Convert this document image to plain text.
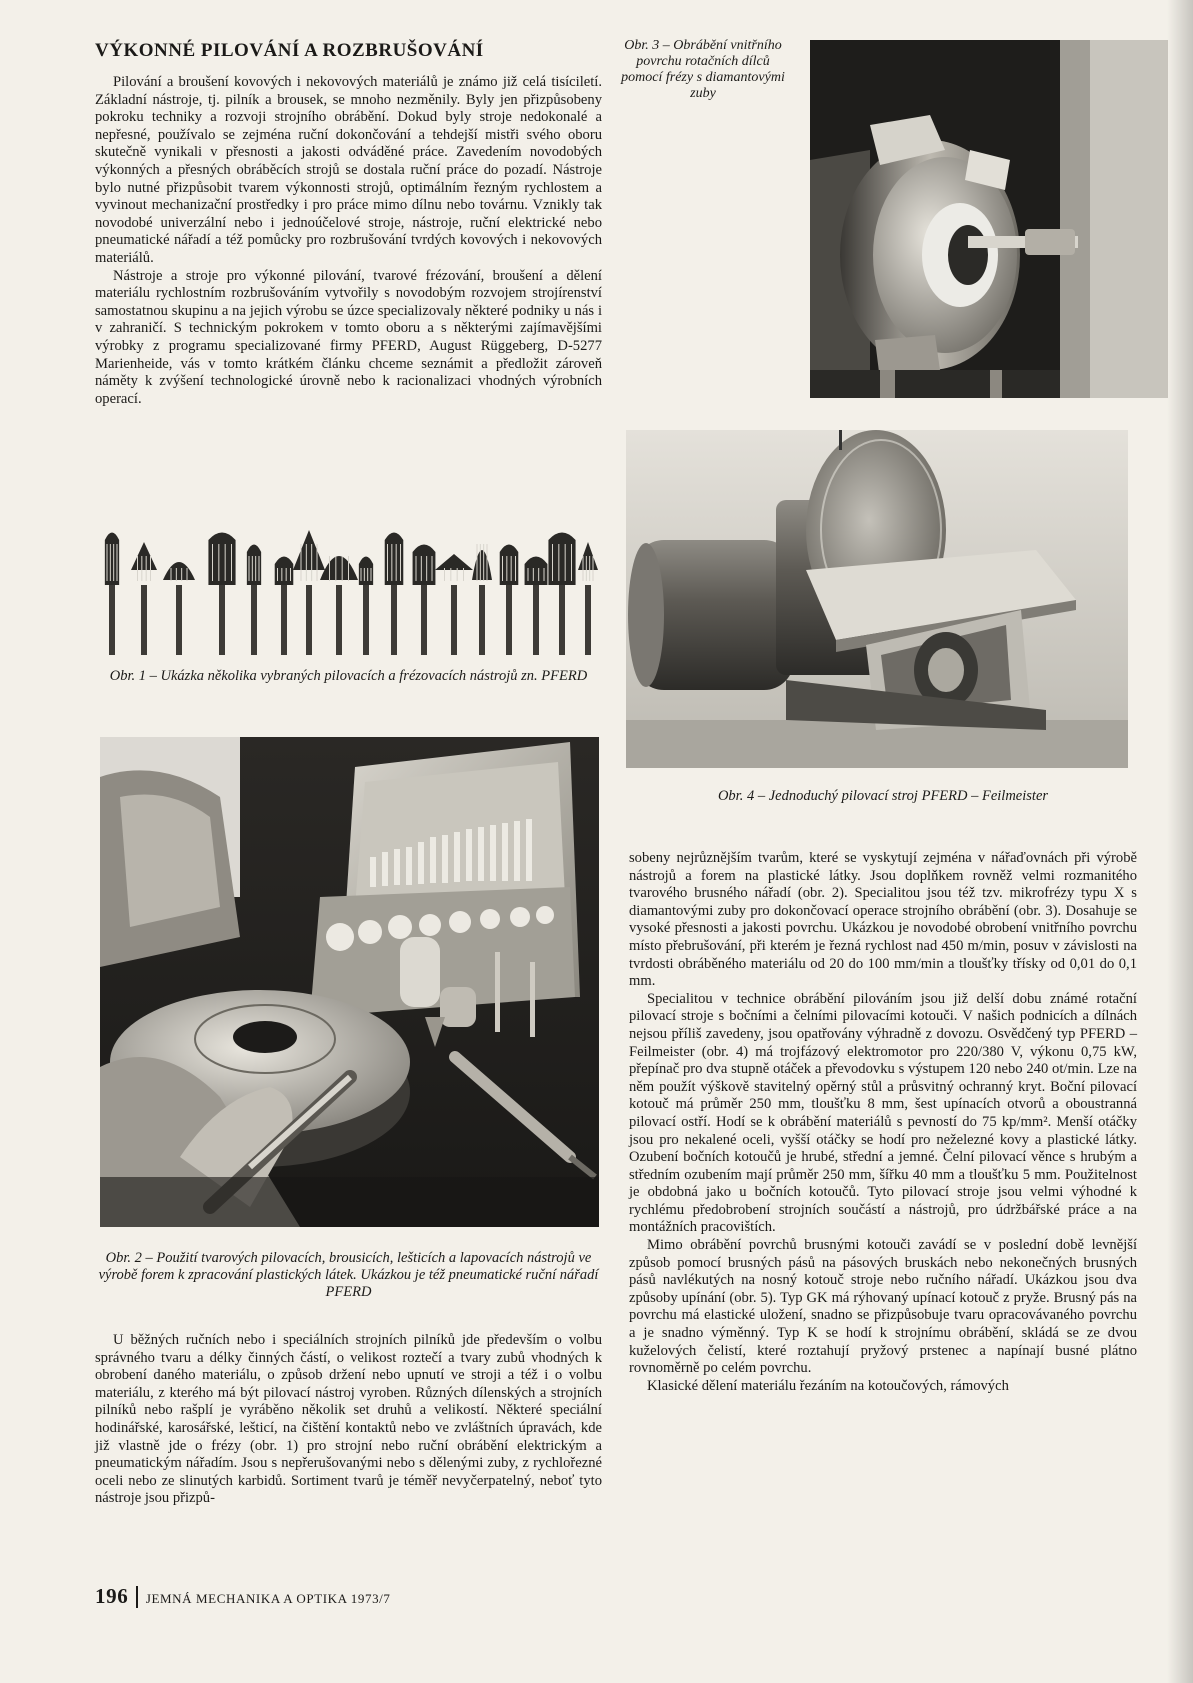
VÝKONNÉ PILOVÁNÍ A ROZBRUŠOVÁNÍ

Pilování a broušení kovových i nekovových materiálů je známo již celá tisíciletí. Základní nástroje, tj. pilník a brousek, se mnoho nezměnily. Byly jen přizpůsobeny pokroku techniky a rozvoji strojního obrábění. Dokud byly stroje nedokonalé a nepřesné, používalo se zejména ruční dokončování a tehdejší mistři svého oboru skutečně vynikali v přesnosti a jakosti odváděné práce. Zavedením novodobých výkonných a přesných obráběcích strojů se dostala ruční práce do pozadí. Nástroje bylo nutné přizpůsobit tvarem výkonnosti strojů, optimálním řezným rychlostem a vyvinout mechanizační prostředky i pro práce mimo dílnu nebo továrnu. Vznikly tak novodobé univerzální nebo i jednoúčelové stroje, nástroje, ruční elektrické nebo pneumatické nářadí a též pomůcky pro rozbrušování tvrdých kovových i nekovových materiálů.

Nástroje a stroje pro výkonné pilování, tvarové frézování, broušení a dělení materiálu rychlostním rozbrušováním vytvořily s novodobým rozvojem strojírenství samostatnou skupinu a na jejich výrobu se úzce specializovaly některé podniky u nás i v zahraničí. S technickým pokrokem v tomto oboru a s některými zajímavějšími výrobky z programu specializované firmy PFERD, August Rüggeberg, D-5277 Marienheide, vás v tomto krátkém článku chceme seznámit a předložit zároveň náměty k zvýšení technologické úrovně nebo k racionalizaci vhodných výrobních operací.

Obr. 1 – Ukázka několika vybraných pilovacích a frézovacích nástrojů zn. PFERD

Obr. 2 – Použití tvarových pilovacích, brousicích, lešticích a lapovacích nástrojů ve výrobě forem k zpracování plastických látek. Ukázkou je též pneumatické ruční nářadí PFERD

U běžných ručních nebo i speciálních strojních pilníků jde především o volbu správného tvaru a délky činných částí, o velikost roztečí a tvary zubů vhodných k obrobení daného materiálu, o způsob držení nebo upnutí ve stroji a též i o volbu materiálu, z kterého má být pilovací nástroj vyroben. Různých dílenských a strojních pilníků nebo rašplí je vyráběno několik set druhů a velikostí. Některé speciální hodinářské, karosářské, lešticí, na čištění kontaktů nebo ve zvláštních úpravách, kde již vlastně jde o frézy (obr. 1) pro strojní nebo ruční obrábění elektrickým a pneumatickým nářadím. Jsou s nepřerušovanými nebo s dělenými zuby, z rychlořezné oceli nebo ze slinutých karbidů. Sortiment tvarů je téměř nevyčerpatelný, neboť tyto nástroje jsou přizpů-

Obr. 3 – Obrábění vnitřního povrchu rotačních dílců pomocí frézy s diamantovými zuby

Obr. 4 – Jednoduchý pilovací stroj PFERD – Feilmeister

sobeny nejrůznějším tvarům, které se vyskytují zejména v nářaďovnách při výrobě nástrojů a forem na plastické látky. Jsou doplňkem rovněž velmi rozmanitého tvarového brusného nářadí (obr. 2). Specialitou jsou též tzv. mikrofrézy typu X s diamantovými zuby pro dokončovací operace strojního obrábění (obr. 3). Dosahuje se vysoké přesnosti a jakosti povrchu. Ukázkou je novodobé obrobení vnitřního povrchu místo přebrušování, při kterém je řezná rychlost nad 450 m/min, posuv v závislosti na tvrdosti obráběného materiálu od 20 do 100 mm/min a tloušťky třísky od 0,01 do 0,1 mm.

Specialitou v technice obrábění pilováním jsou již delší dobu známé rotační pilovací stroje s bočními a čelními pilovacími kotouči. V našich podnicích a dílnách nejsou příliš zavedeny, jsou opatřovány výhradně z dovozu. Osvědčený typ PFERD – Feilmeister (obr. 4) má trojfázový elektromotor pro 220/380 V, výkonu 0,75 kW, přepínač pro dva stupně otáček a převodovku s výstupem 120 nebo 240 ot/min. Lze na něm použít výškově stavitelný opěrný stůl a průsvitný ochranný kryt. Boční pilovací kotouč má průměr 250 mm, tloušťku 8 mm, šest upínacích otvorů a oboustranná pilovací ostří. Hodí se k obrábění materiálů s pevností do 75 kp/mm². Menší otáčky jsou pro nekalené oceli, vyšší otáčky se hodí pro neželezné kovy a plastické látky. Ozubení bočních kotoučů je hrubé, střední a jemné. Čelní pilovací věnce s hrubým a středním ozubením mají průměr 250 mm, šířku 40 mm a tloušťku 5 mm. Použitelnost je obdobná jako u bočních kotoučů. Tyto pilovací stroje jsou velmi výhodné k rychlému předobrobení strojních součástí a nástrojů, pro údržbářské práce a na montážních pracovištích.

Mimo obrábění povrchů brusnými kotouči zavádí se v poslední době levnější způsob pomocí brusných pásů na pásových bruskách nebo nekonečných brusných pásů navlékutých na nosný kotouč stroje nebo ručního nářadí. Ukázkou jsou dva způsoby upínání (obr. 5). Typ GK má rýhovaný upínací kotouč z pryže. Brusný pás na povrchu má elastické uložení, snadno se přizpůsobuje tvaru opracovávaného povrchu a je snadno výměnný. Typ K se hodí k strojnímu obrábění, skládá se ze dvou kuželových čelistí, které roztahují pryžový prstenec a napínají busné plátno rovnoměrně po celém povrchu.

Klasické dělení materiálu řezáním na kotoučových, rámových

196 JEMNÁ MECHANIKA A OPTIKA 1973/7
